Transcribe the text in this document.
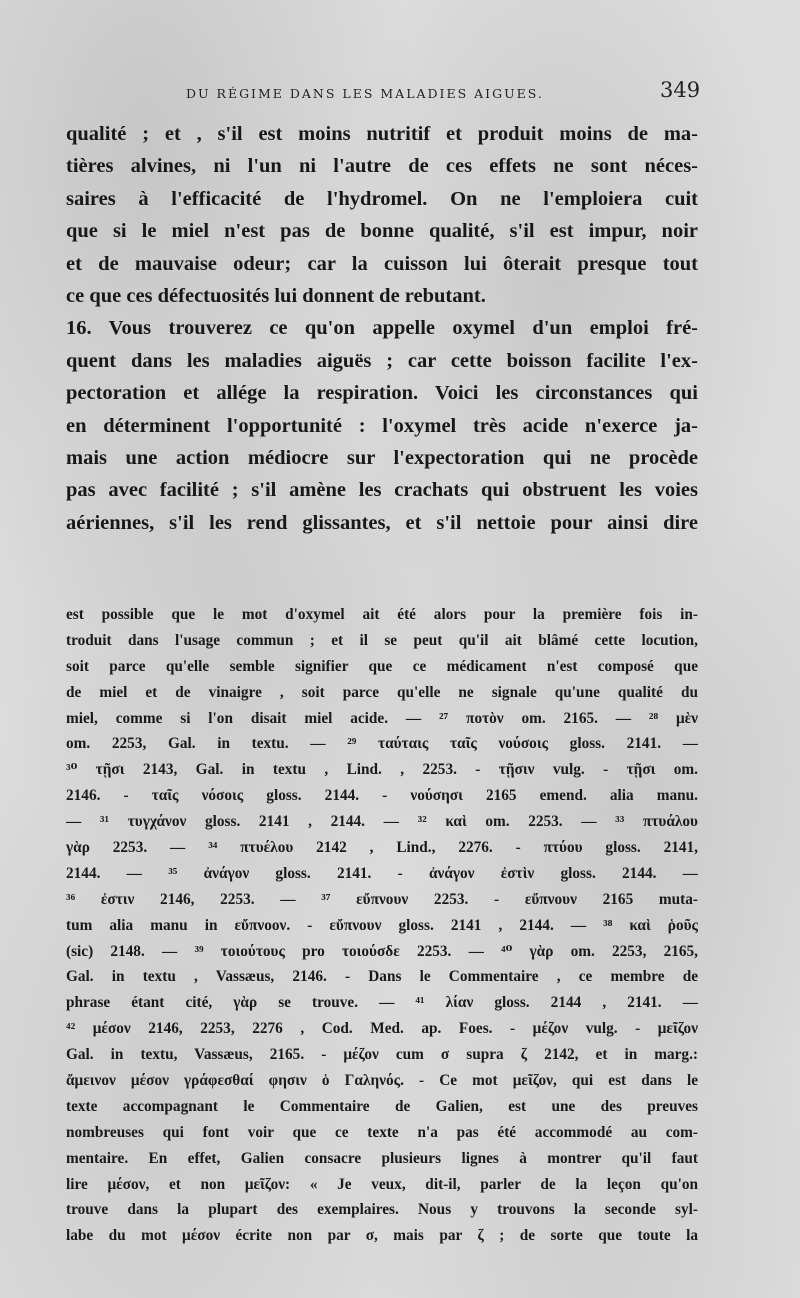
DU RÉGIME DANS LES MALADIES AIGUES.	349
qualité ; et , s'il est moins nutritif et produit moins de ma-
tières alvines, ni l'un ni l'autre de ces effets ne sont néces-
saires à l'efficacité de l'hydromel. On ne l'emploiera cuit
que si le miel n'est pas de bonne qualité, s'il est impur, noir
et de mauvaise odeur; car la cuisson lui ôterait presque tout
ce que ces défectuosités lui donnent de rebutant.
16. Vous trouverez ce qu'on appelle oxymel d'un emploi fré-
quent dans les maladies aiguës ; car cette boisson facilite l'ex-
pectoration et allége la respiration. Voici les circonstances qui
en déterminent l'opportunité : l'oxymel très acide n'exerce ja-
mais une action médiocre sur l'expectoration qui ne procède
pas avec facilité ; s'il amène les crachats qui obstruent les voies
aériennes, s'il les rend glissantes, et s'il nettoie pour ainsi dire
est possible que le mot d'oxymel ait été alors pour la première fois in-
troduit dans l'usage commun ; et il se peut qu'il ait blâmé cette locution,
soit parce qu'elle semble signifier que ce médicament n'est composé que
de miel et de vinaigre , soit parce qu'elle ne signale qu'une qualité du
miel, comme si l'on disait miel acide. — ²⁷ ποτὸν om. 2165. — ²⁸ μὲν
om. 2253, Gal. in textu. — ²⁹ ταύταις ταῖς νούσοις gloss. 2141. —
³⁰ τῇσι 2143, Gal. in textu , Lind. , 2253. - τῇσιν vulg. - τῇσι om.
2146. - ταῖς νόσοις gloss. 2144. - νούσησι 2165 emend. alia manu.
— ³¹ τυγχάνον gloss. 2141 , 2144. — ³² καὶ om. 2253. — ³³ πτυάλου
γὰρ 2253. — ³⁴ πτυέλου 2142 , Lind., 2276. - πτύου gloss. 2141,
2144. — ³⁵ ἀνάγον gloss. 2141. - ἀνάγον ἐστὶν gloss. 2144. —
³⁶ ἐστιν 2146, 2253. — ³⁷ εὔπνουν 2253. - εὔπνουν 2165 muta-
tum alia manu in εὔπνοον. - εὔπνουν gloss. 2141 , 2144. — ³⁸ καὶ ῥοῦς
(sic) 2148. — ³⁹ τοιούτους pro τοιούσδε 2253. — ⁴⁰ γὰρ om. 2253, 2165,
Gal. in textu , Vassæus, 2146. - Dans le Commentaire , ce membre de
phrase étant cité, γὰρ se trouve. — ⁴¹ λίαν gloss. 2144 , 2141. —
⁴² μέσον 2146, 2253, 2276 , Cod. Med. ap. Foes. - μέζον vulg. - μεῖζον
Gal. in textu, Vassæus, 2165. - μέζον cum σ supra ζ 2142, et in marg.:
ἄμεινον μέσον γράφεσθαί φησιν ὁ Γαληνός. - Ce mot μεῖζον, qui est dans le
texte accompagnant le Commentaire de Galien, est une des preuves
nombreuses qui font voir que ce texte n'a pas été accommodé au com-
mentaire. En effet, Galien consacre plusieurs lignes à montrer qu'il faut
lire μέσον, et non μεῖζον: « Je veux, dit-il, parler de la leçon qu'on
trouve dans la plupart des exemplaires. Nous y trouvons la seconde syl-
labe du mot μέσον écrite non par σ, mais par ζ ; de sorte que toute la
